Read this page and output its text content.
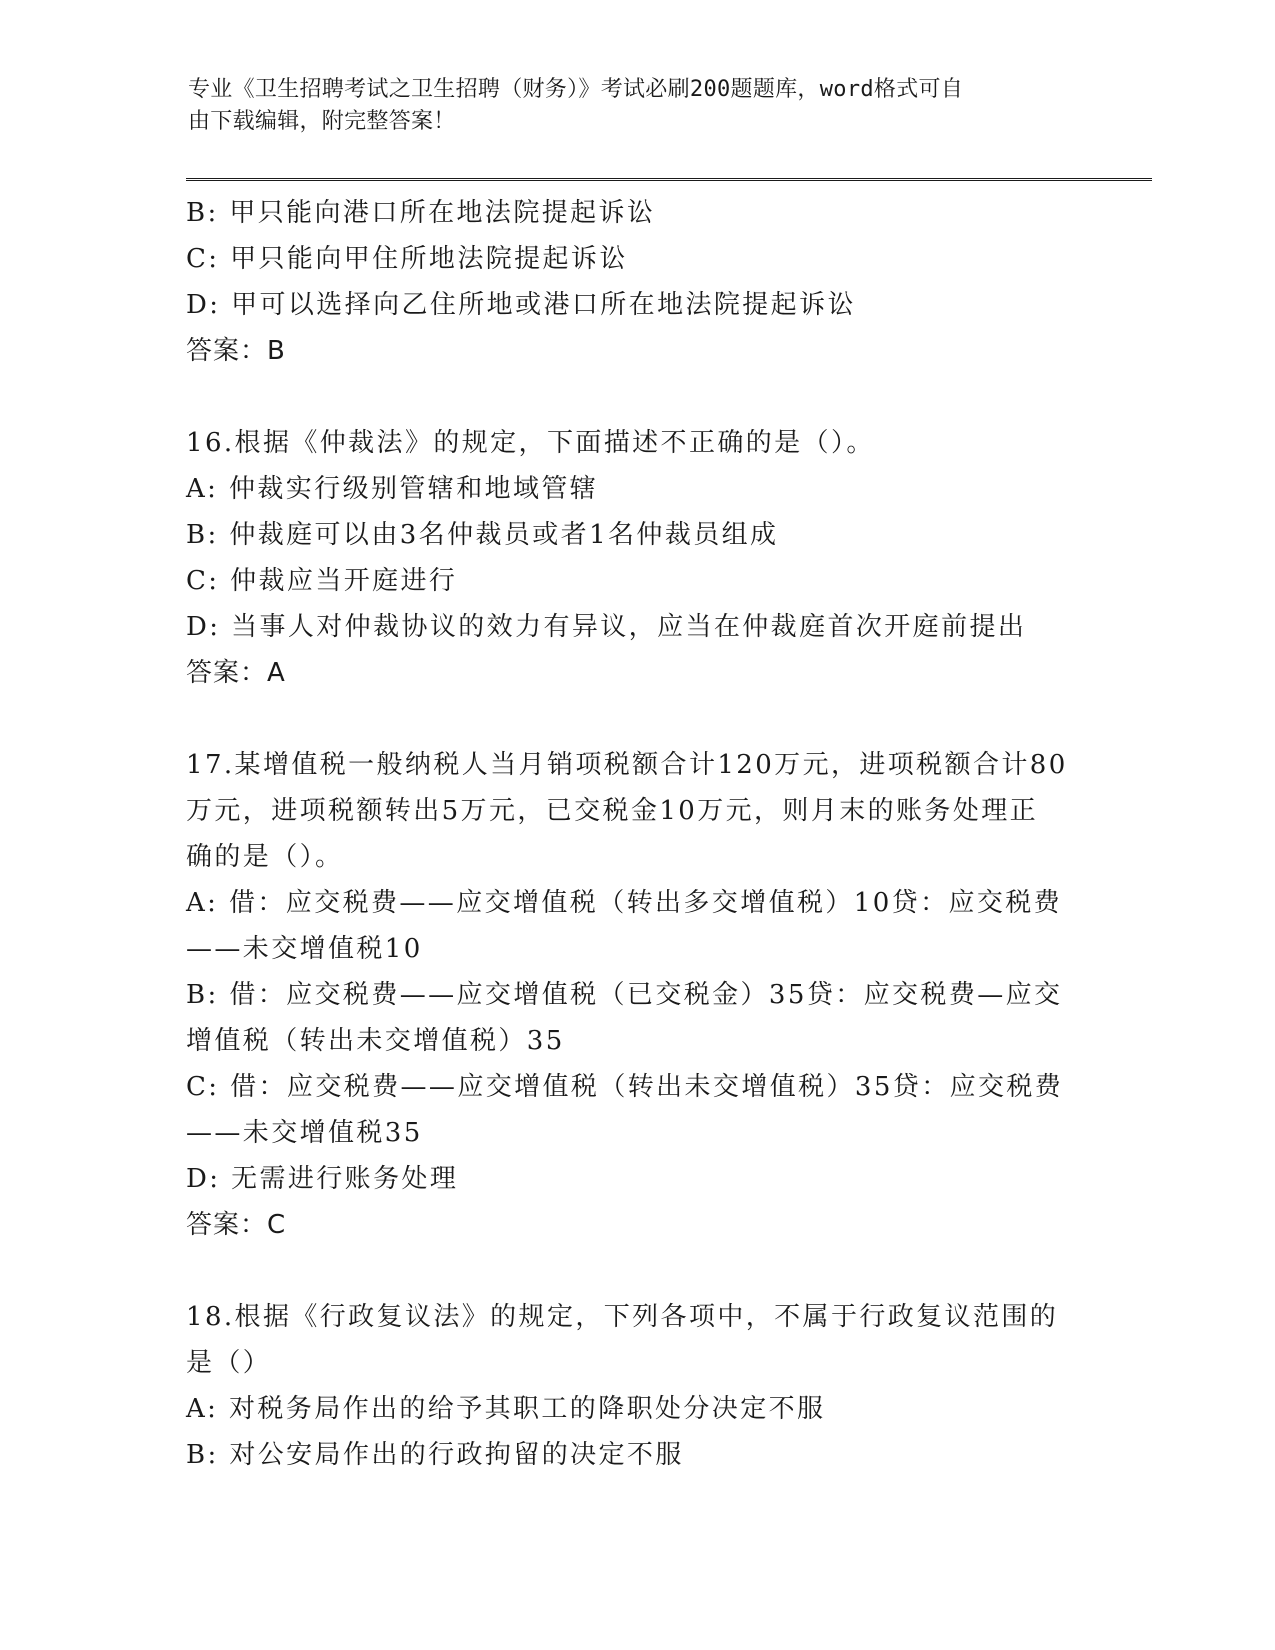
专业《卫生招聘考试之卫生招聘（财务）》考试必刷200题题库，word格式可自
由下载编辑，附完整答案！
B: 甲只能向港口所在地法院提起诉讼
C: 甲只能向甲住所地法院提起诉讼
D: 甲可以选择向乙住所地或港口所在地法院提起诉讼
答案：B
16.根据《仲裁法》的规定，下面描述不正确的是（）。
A: 仲裁实行级别管辖和地域管辖
B: 仲裁庭可以由3名仲裁员或者1名仲裁员组成
C: 仲裁应当开庭进行
D: 当事人对仲裁协议的效力有异议，应当在仲裁庭首次开庭前提出
答案：A
17.某增值税一般纳税人当月销项税额合计120万元，进项税额合计80
万元，进项税额转出5万元，已交税金10万元，则月末的账务处理正
确的是（）。
A: 借：应交税费——应交增值税（转出多交增值税）10贷：应交税费
——未交增值税10
B: 借：应交税费——应交增值税（已交税金）35贷：应交税费—应交
增值税（转出未交增值税）35
C: 借：应交税费——应交增值税（转出未交增值税）35贷：应交税费
——未交增值税35
D: 无需进行账务处理
答案：C
18.根据《行政复议法》的规定，下列各项中，不属于行政复议范围的
是（）
A: 对税务局作出的给予其职工的降职处分决定不服
B: 对公安局作出的行政拘留的决定不服
